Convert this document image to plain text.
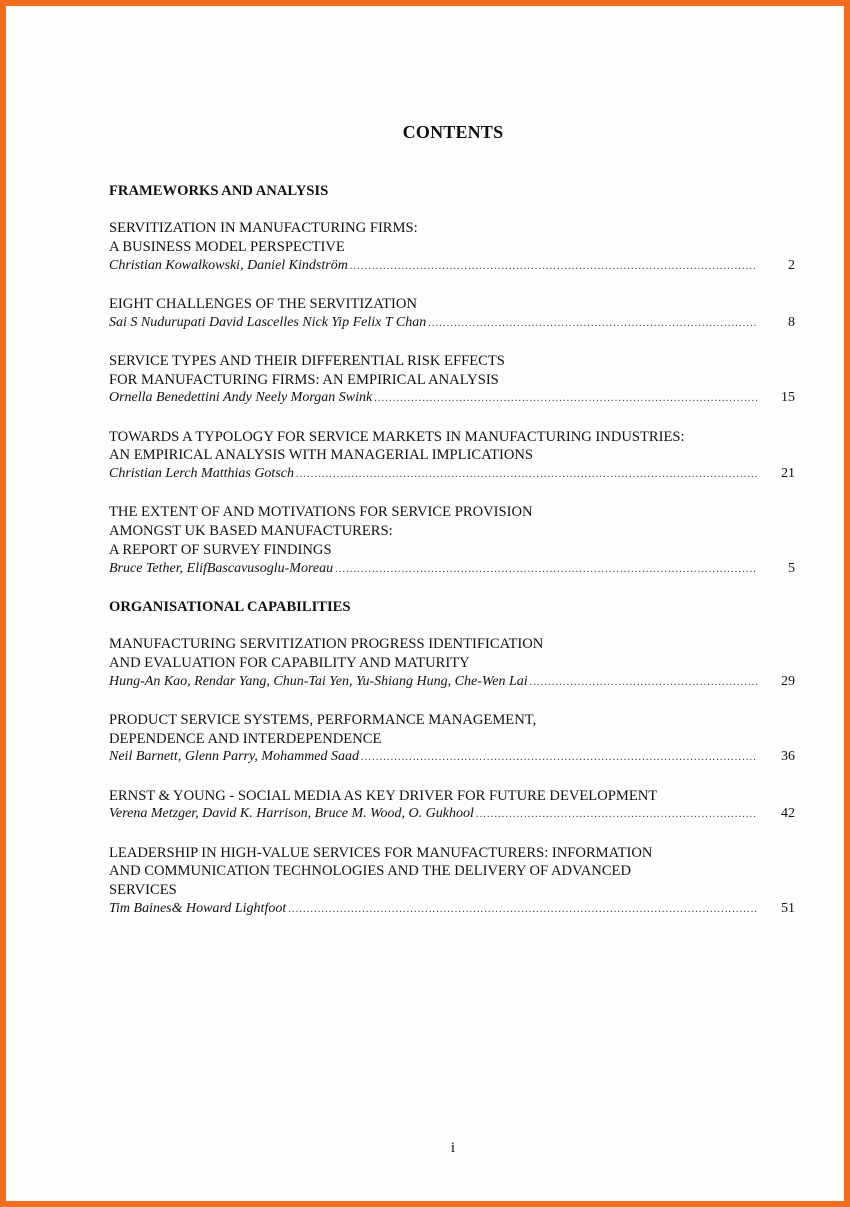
CONTENTS
FRAMEWORKS AND ANALYSIS
SERVITIZATION IN MANUFACTURING FIRMS:
A BUSINESS MODEL PERSPECTIVE
Christian Kowalkowski, Daniel Kindström .....	2
EIGHT CHALLENGES OF THE SERVITIZATION
Sai S Nudurupati David Lascelles Nick Yip Felix T Chan .....	8
SERVICE TYPES AND THEIR DIFFERENTIAL RISK EFFECTS
FOR MANUFACTURING FIRMS: AN EMPIRICAL ANALYSIS
Ornella Benedettini Andy Neely Morgan Swink .....	15
TOWARDS A TYPOLOGY FOR SERVICE MARKETS IN MANUFACTURING INDUSTRIES:
AN EMPIRICAL ANALYSIS WITH MANAGERIAL IMPLICATIONS
Christian Lerch Matthias Gotsch .....	21
THE EXTENT OF AND MOTIVATIONS FOR SERVICE PROVISION
AMONGST UK BASED MANUFACTURERS:
A REPORT OF SURVEY FINDINGS
Bruce Tether, ElifBascavusoglu-Moreau .....	5
ORGANISATIONAL CAPABILITIES
MANUFACTURING SERVITIZATION PROGRESS IDENTIFICATION
AND EVALUATION FOR CAPABILITY AND MATURITY
Hung-An Kao, Rendar Yang, Chun-Tai Yen, Yu-Shiang Hung, Che-Wen Lai .....	29
PRODUCT SERVICE SYSTEMS, PERFORMANCE MANAGEMENT,
DEPENDENCE AND INTERDEPENDENCE
Neil Barnett, Glenn Parry, Mohammed Saad .....	36
ERNST & YOUNG - SOCIAL MEDIA AS KEY DRIVER FOR FUTURE DEVELOPMENT
Verena Metzger, David K. Harrison, Bruce M. Wood, O. Gukhool .....	42
LEADERSHIP IN HIGH-VALUE SERVICES FOR MANUFACTURERS: INFORMATION
AND COMMUNICATION TECHNOLOGIES AND THE DELIVERY OF ADVANCED
SERVICES
Tim Baines& Howard Lightfoot .....	51
i
